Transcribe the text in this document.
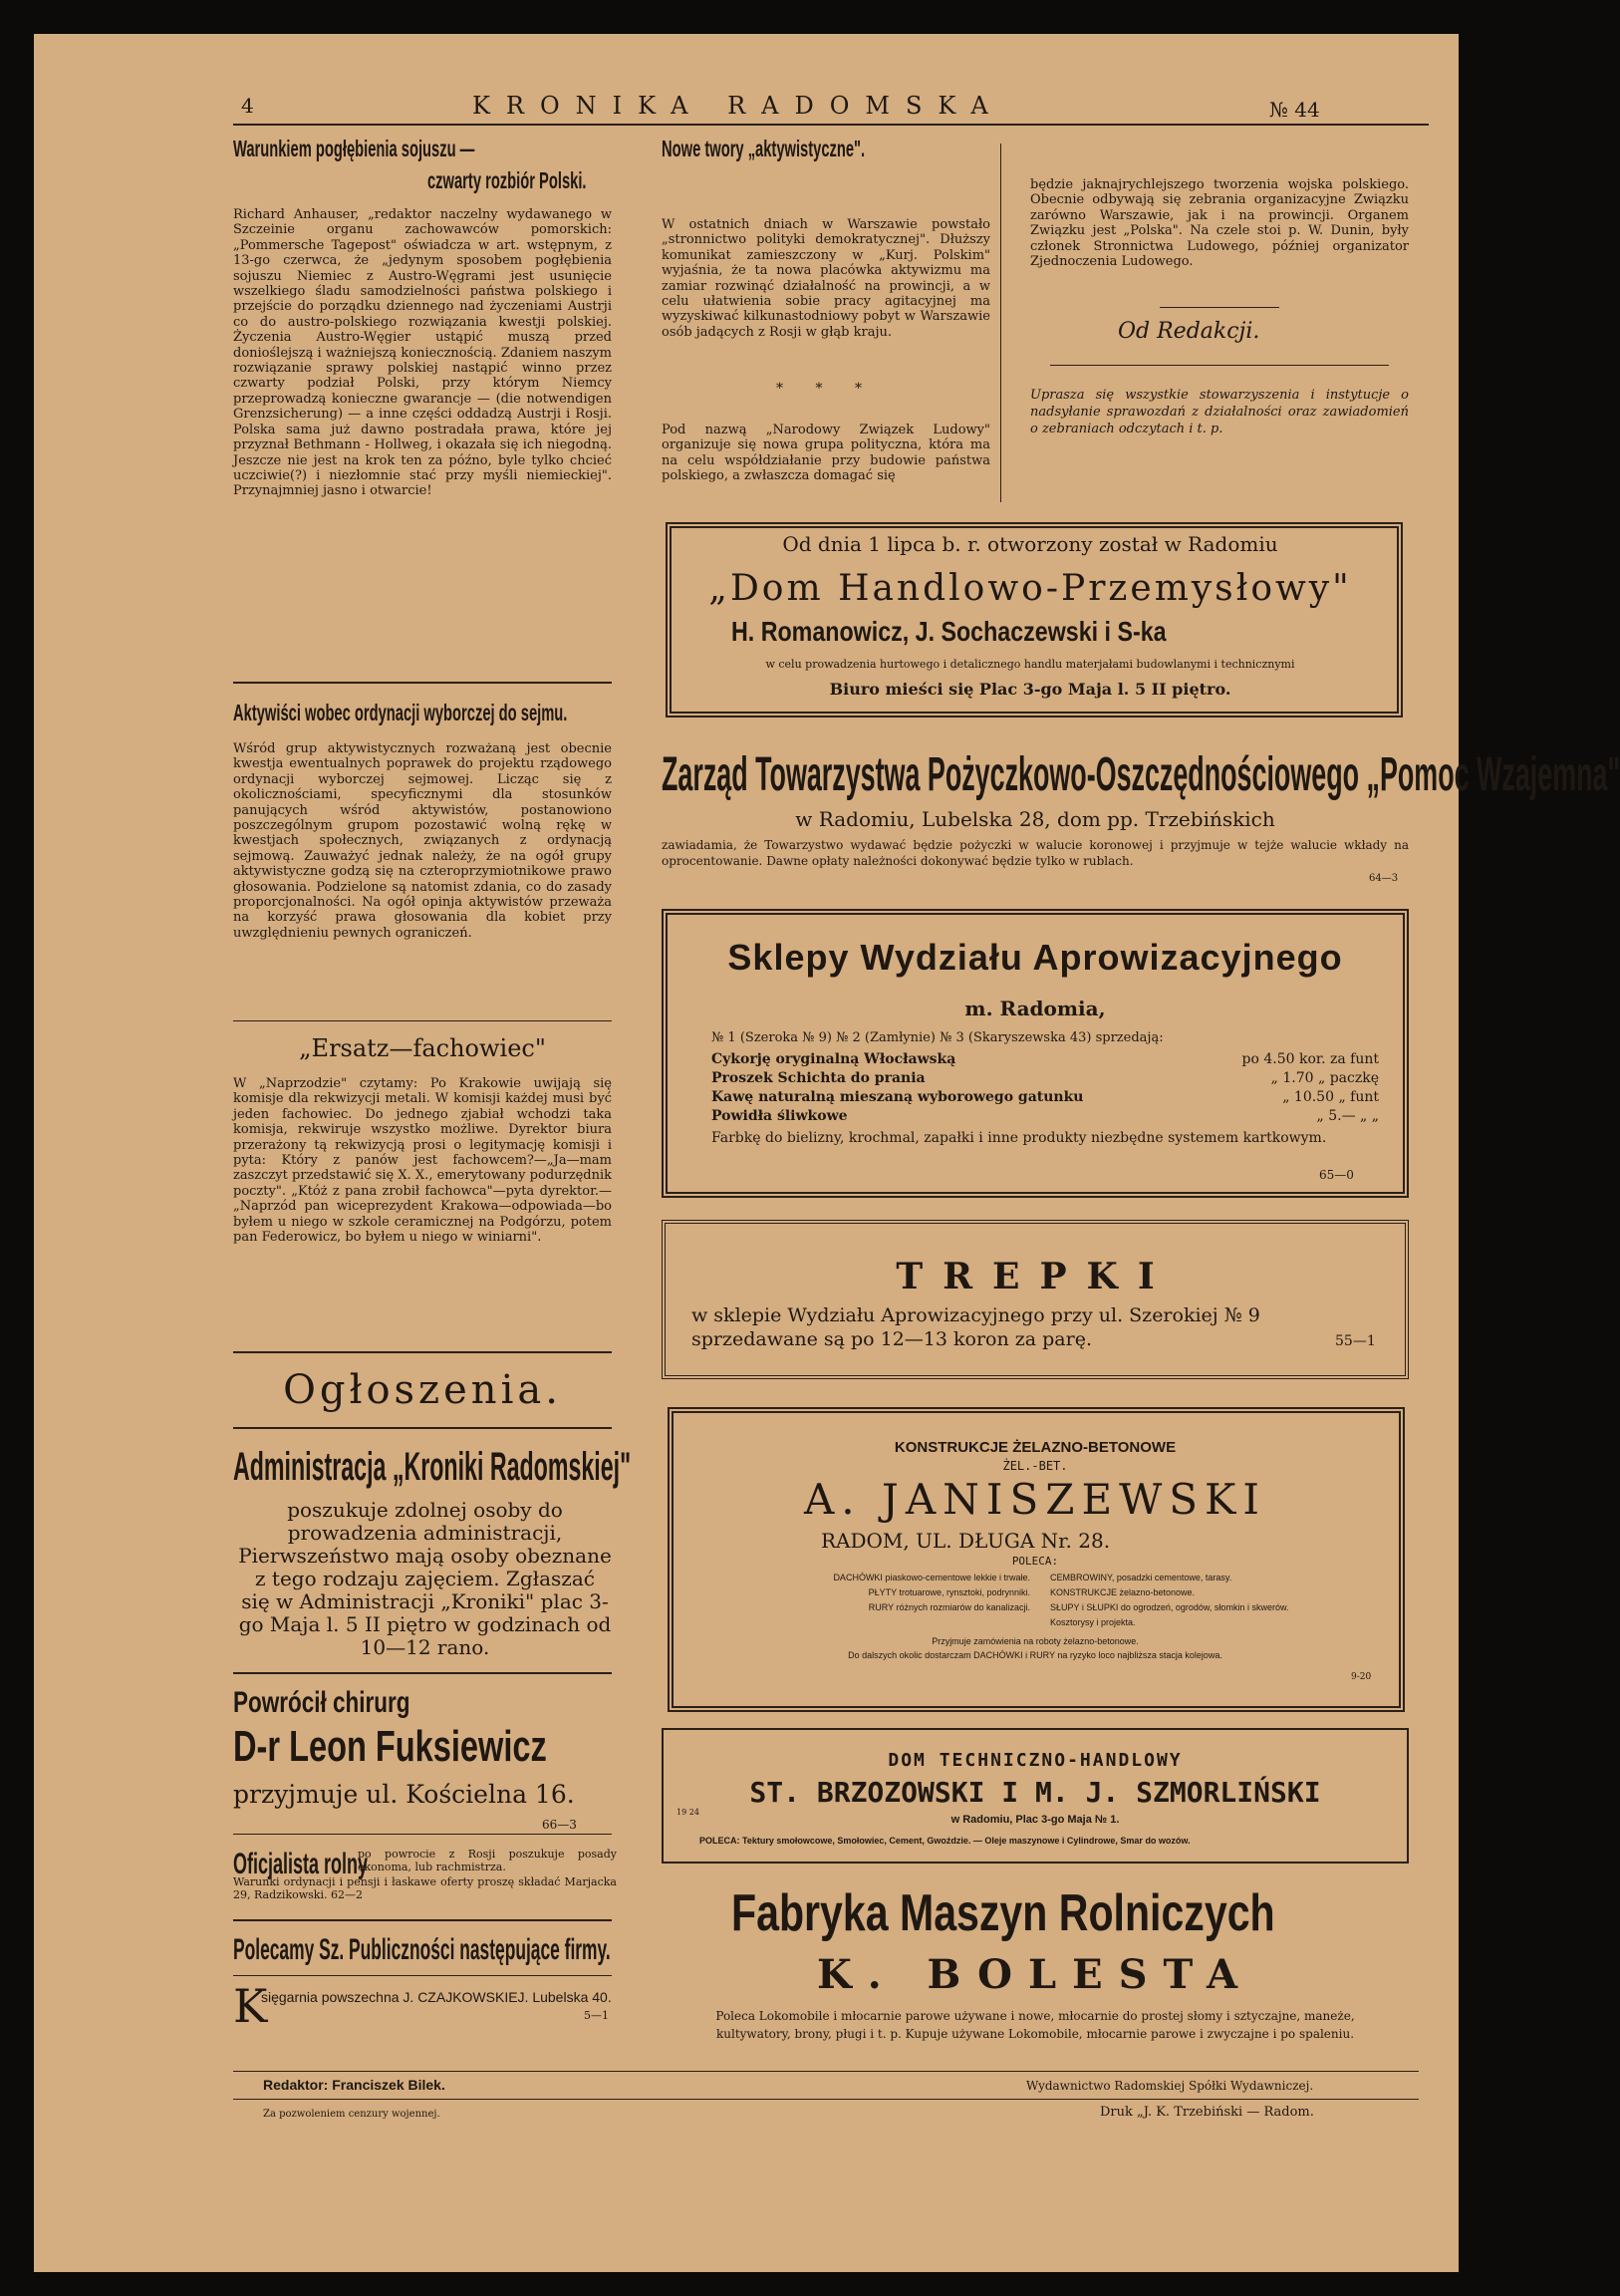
4	KRONIKA RADOMSKA	№ 44
Warunkiem pogłębienia sojuszu —
czwarty rozbiór Polski.
Richard Anhauser, „redaktor naczelny wydawanego w Szczeinie organu zachowawców pomorskich: „Pommersche Tagepost" oświadcza w art. wstępnym, z 13-go czerwca, że „jedynym sposobem pogłębienia sojuszu Niemiec z Austro-Węgrami jest usunięcie wszelkiego śladu samodzielności państwa polskiego i przejście do porządku dziennego nad życzeniami Austrji co do austro-polskiego rozwiązania kwestji polskiej. Życzenia Austro-Węgier ustąpić muszą przed donioślejszą i ważniejszą koniecznością. Zdaniem naszym rozwiązanie sprawy polskiej nastąpić winno przez czwarty podział Polski, przy którym Niemcy przeprowadzą konieczne gwarancje — (die notwendigen Grenzsicherung) — a inne części oddadzą Austrji i Rosji. Polska sama już dawno postradała prawa, które jej przyznał Bethmann - Hollweg, i okazała się ich niegodną. Jeszcze nie jest na krok ten za późno, byle tylko chcieć uczciwie(?) i niezłomnie stać przy myśli niemieckiej". Przynajmniej jasno i otwarcie!
Aktywiści wobec ordynacji wyborczej do sejmu.
Wśród grup aktywistycznych rozważaną jest obecnie kwestja ewentualnych poprawek do projektu rządowego ordynacji wyborczej sejmowej. Licząc się z okolicznościami, specyficznymi dla stosunków panujących wśród aktywistów, postanowiono poszczególnym grupom pozostawić wolną rękę w kwestjach społecznych, związanych z ordynacją sejmową. Zauważyć jednak należy, że na ogół grupy aktywistyczne godzą się na czteroprzymiotnikowe prawo głosowania. Podzielone są natomist zdania, co do zasady proporcjonalności. Na ogół opinja aktywistów przeważa na korzyść prawa głosowania dla kobiet przy uwzględnieniu pewnych ograniczeń.
„Ersatz—fachowiec"
W „Naprzodzie" czytamy: Po Krakowie uwijają się komisje dla rekwizycji metali. W komisji każdej musi być jeden fachowiec. Do jednego zjabiał wchodzi taka komisja, rekwiruje wszystko możliwe. Dyrektor biura przerażony tą rekwizycją prosi o legitymację komisji i pyta: Który z panów jest fachowcem?—„Ja—mam zaszczyt przedstawić się X. X., emerytowany podurzędnik poczty". „Któż z pana zrobił fachowca"—pyta dyrektor.—„Naprzód pan wiceprezydent Krakowa—odpowiada—bo byłem u niego w szkole ceramicznej na Podgórzu, potem pan Federowicz, bo byłem u niego w winiarni".
Ogłoszenia.
Administracja „Kroniki Radomskiej"
poszukuje zdolnej osoby do prowadzenia administracji, Pierwszeństwo mają osoby obeznane z tego rodzaju zajęciem. Zgłaszać się w Administracji „Kroniki" plac 3-go Maja l. 5 II piętro w godzinach od 10—12 rano.
Powrócił chirurg
D-r Leon Fuksiewicz
przyjmuje ul. Kościelna 16.
66—3
Oficjalista rolny
po powrocie z Rosji poszukuje posady ekonoma, lub rachmistrza.
Warunki ordynacji i pensji i łaskawe oferty proszę składać Marjacka 29, Radzikowski. 62—2
Polecamy Sz. Publiczności następujące firmy.
K
sięgarnia powszechna J. CZAJKOWSKIEJ. Lubelska 40.
5—1
Nowe twory „aktywistyczne".
W ostatnich dniach w Warszawie powstało „stronnictwo polityki demokratycznej". Dłuższy komunikat zamieszczony w „Kurj. Polskim" wyjaśnia, że ta nowa placówka aktywizmu ma zamiar rozwinąć działalność na prowincji, a w celu ułatwienia sobie pracy agitacyjnej ma wyzyskiwać kilkunastodniowy pobyt w Warszawie osób jadących z Rosji w głąb kraju.
* * *
Pod nazwą „Narodowy Związek Ludowy" organizuje się nowa grupa polityczna, która ma na celu współdziałanie przy budowie państwa polskiego, a zwłaszcza domagać się
będzie jaknajrychlejszego tworzenia wojska polskiego. Obecnie odbywają się zebrania organizacyjne Związku zarówno Warszawie, jak i na prowincji. Organem Związku jest „Polska". Na czele stoi p. W. Dunin, były członek Stronnictwa Ludowego, później organizator Zjednoczenia Ludowego.
Od Redakcji.
Uprasza się wszystkie stowarzyszenia i instytucje o nadsyłanie sprawozdań z działalności oraz zawiadomień o zebraniach odczytach i t. p.
Od dnia 1 lipca b. r. otworzony został w Radomiu
„Dom Handlowo-Przemysłowy"
H. Romanowicz, J. Sochaczewski i S-ka
w celu prowadzenia hurtowego i detalicznego handlu materjałami budowlanymi i technicznymi
Biuro mieści się Plac 3-go Maja l. 5 II piętro.
Zarząd Towarzystwa Pożyczkowo-Oszczędnościowego „Pomoc Wzajemna"
w Radomiu, Lubelska 28, dom pp. Trzebińskich
zawiadamia, że Towarzystwo wydawać będzie pożyczki w walucie koronowej i przyjmuje w tejże walucie wkłady na oprocentowanie. Dawne opłaty należności dokonywać będzie tylko w rublach.
64—3
Sklepy Wydziału Aprowizacyjnego
m. Radomia,
№ 1 (Szeroka № 9) № 2 (Zamłynie) № 3 (Skaryszewska 43) sprzedają:
Cykorję oryginalną Włocławską	po 4.50 kor. za funt
Proszek Schichta do prania	„ 1.70 „ paczkę
Kawę naturalną mieszaną wyborowego gatunku	„ 10.50 „ funt
Powidła śliwkowe	„ 5.— „ „
Farbkę do bielizny, krochmal, zapałki i inne produkty niezbędne systemem kartkowym.
65—0
TREPKI
w sklepie Wydziału Aprowizacyjnego przy ul. Szerokiej № 9 sprzedawane są po 12—13 koron za parę.	55—1
KONSTRUKCJE ŻELAZNO-BETONOWE
ŻEL.-BET.
A. JANISZEWSKI
RADOM, UL. DŁUGA Nr. 28.
POLECA:
DACHÓWKI piaskowo-cementowe lekkie i trwałe.
PŁYTY trotuarowe, rynsztoki, podrynniki.
RURY różnych rozmiarów do kanalizacji.
CEMBROWINY, posadzki cementowe, tarasy.
KONSTRUKCJE żelazno-betonowe.
SŁUPY i SŁUPKI do ogrodzeń, ogrodów, słomkin i skwerów.
Kosztorysy i projekta.
Przyjmuje zamówienia na roboty żelazno-betonowe.
Do dalszych okolic dostarczam DACHÓWKI i RURY na ryzyko loco najbliższa stacja kolejowa.
9-20
DOM TECHNICZNO-HANDLOWY
ST. BRZOZOWSKI I M. J. SZMORLIŃSKI
19 24
w Radomiu, Plac 3-go Maja № 1.
POLECA: Tektury smołowcowe, Smołowiec, Cement, Gwoździe. — Oleje maszynowe i Cylindrowe, Smar do wozów.
Fabryka Maszyn Rolniczych
K. BOLESTA
Poleca Lokomobile i młocarnie parowe używane i nowe, młocarnie do prostej słomy i sztyczajne, maneże, kultywatory, brony, pługi i t. p. Kupuje używane Lokomobile, młocarnie parowe i zwyczajne i po spaleniu.
Redaktor: Franciszek Bilek.	Wydawnictwo Radomskiej Spółki Wydawniczej.
Za pozwoleniem cenzury wojennej.	Druk „J. K. Trzebiński — Radom.
